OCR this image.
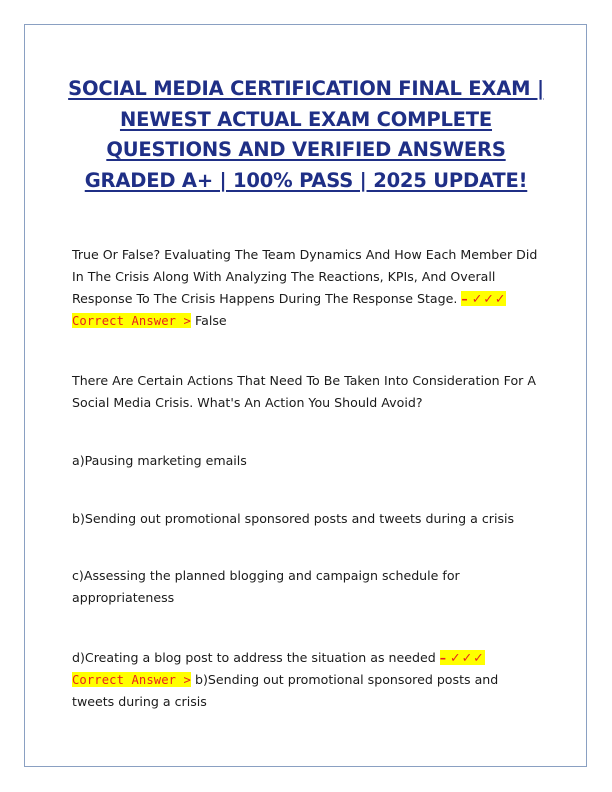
SOCIAL MEDIA CERTIFICATION FINAL EXAM | NEWEST ACTUAL EXAM COMPLETE QUESTIONS AND VERIFIED ANSWERS GRADED A+ | 100% PASS | 2025 UPDATE!

True Or False? Evaluating The Team Dynamics And How Each Member Did In The Crisis Along With Analyzing The Reactions, KPIs, And Overall Response To The Crisis Happens During The Response Stage. – ✓✓✓
Correct Answer > False

There Are Certain Actions That Need To Be Taken Into Consideration For A Social Media Crisis. What's An Action You Should Avoid?

a)Pausing marketing emails

b)Sending out promotional sponsored posts and tweets during a crisis

c)Assessing the planned blogging and campaign schedule for appropriateness

d)Creating a blog post to address the situation as needed – ✓✓✓
Correct Answer > b)Sending out promotional sponsored posts and tweets during a crisis
